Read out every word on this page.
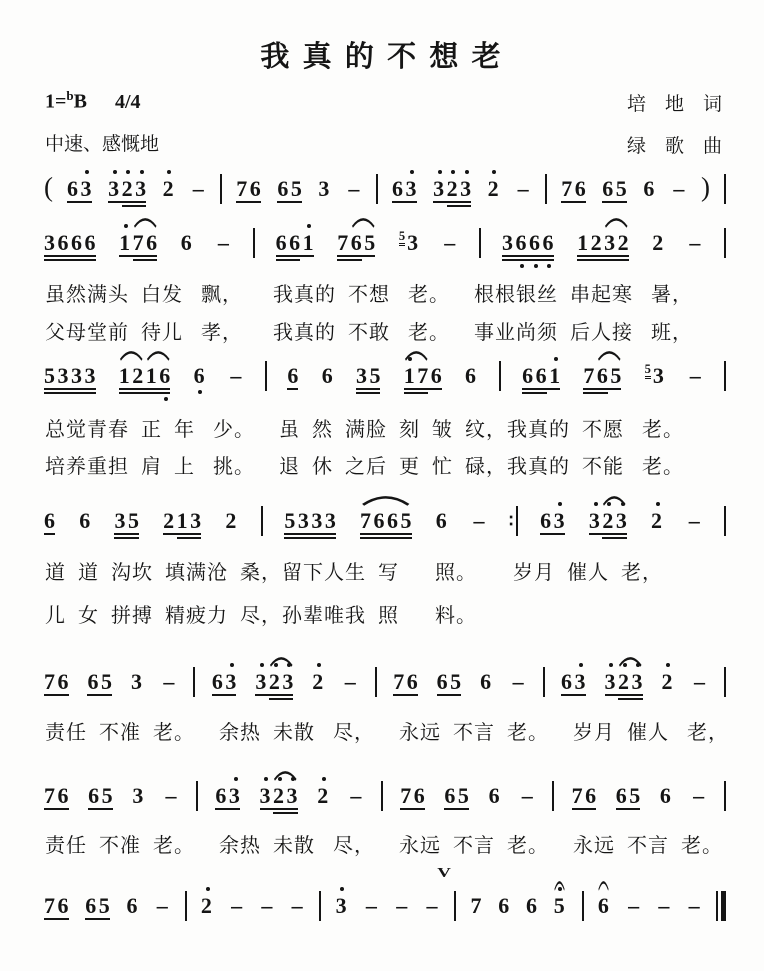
我 真 的 不 想 老
1=$^b$B 4/4
中速、感慨地
培    地    词
绿    歌    曲
( 63 323 2 – 76 65 3 – 63 323 2 – 76 65 6 – )
3666 176 6 – 661 765 53 – 3666 1232 2 –
虽然满头  白发   飘，     我真的  不想   老。    根根银丝  串起寒   暑，
父母堂前  待儿   孝，     我真的  不敢   老。    事业尚须  后人接   班，
5333 1216 6 – 6 6 35 176 6 661 765 53 –
总觉青春  正  年   少。    虽  然  满脸  刻  皱  纹，我真的  不愿   老。
培养重担  肩  上   挑。    退  休  之后  更  忙  碌，我真的  不能   老。
6 6 35 213 2 5333 7665 6 – ∶ 63 323 2 –
道  道  沟坎  填满沧  桑，留下人生  写      照。      岁月  催人  老，
儿  女  拼搏  精疲力  尽，孙辈唯我  照      料。
76 65 3 – 63 323 2 – 76 65 6 – 63 323 2 –
责任  不准  老。    余热  未散   尽，    永远  不言  老。    岁月  催人   老，
76 65 3 – 63 323 2 – 76 65 6 – 76 65 6 –
责任  不准  老。    余热  未散   尽，    永远  不言  老。    永远  不言  老。
76 65 6 – 2 – – – 3 – – –
V
7 6 6 5 6 – – –
